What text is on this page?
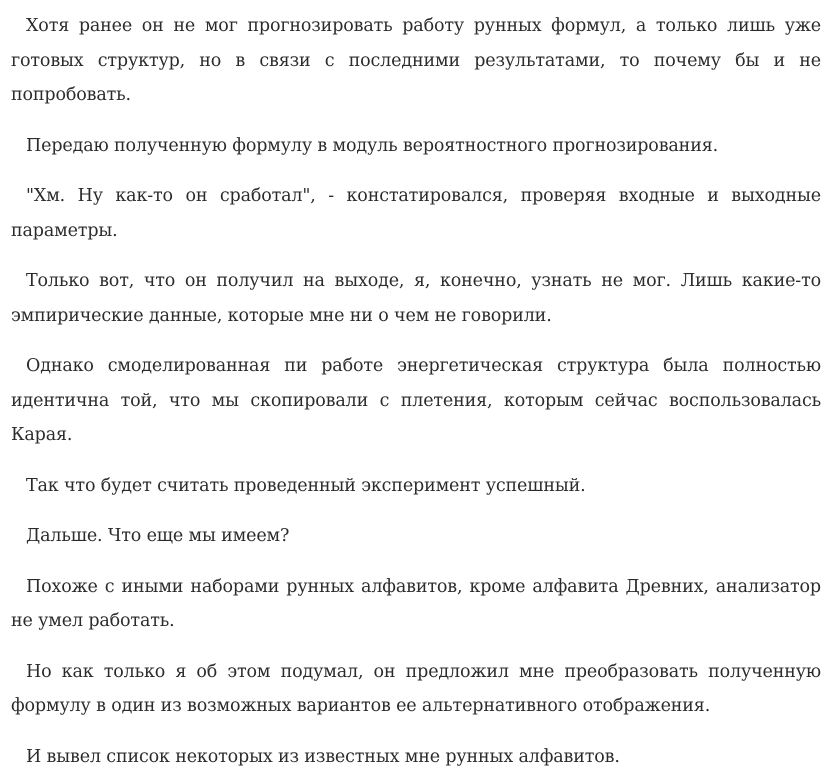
Хотя ранее он не мог прогнозировать работу рунных формул, а только лишь уже готовых структур, но в связи с последними результатами, то почему бы и не попробовать.

Передаю полученную формулу в модуль вероятностного прогнозирования.

"Хм. Ну как-то он сработал", - констатировался, проверяя входные и выходные параметры.

Только вот, что он получил на выходе, я, конечно, узнать не мог. Лишь какие-то эмпирические данные, которые мне ни о чем не говорили.

Однако смоделированная пи работе энергетическая структура была полностью идентична той, что мы скопировали с плетения, которым сейчас воспользовалась Карая.

Так что будет считать проведенный эксперимент успешный.

Дальше. Что еще мы имеем?

Похоже с иными наборами рунных алфавитов, кроме алфавита Древних, анализатор не умел работать.

Но как только я об этом подумал, он предложил мне преобразовать полученную формулу в один из возможных вариантов ее альтернативного отображения.

И вывел список некоторых из известных мне рунных алфавитов.
